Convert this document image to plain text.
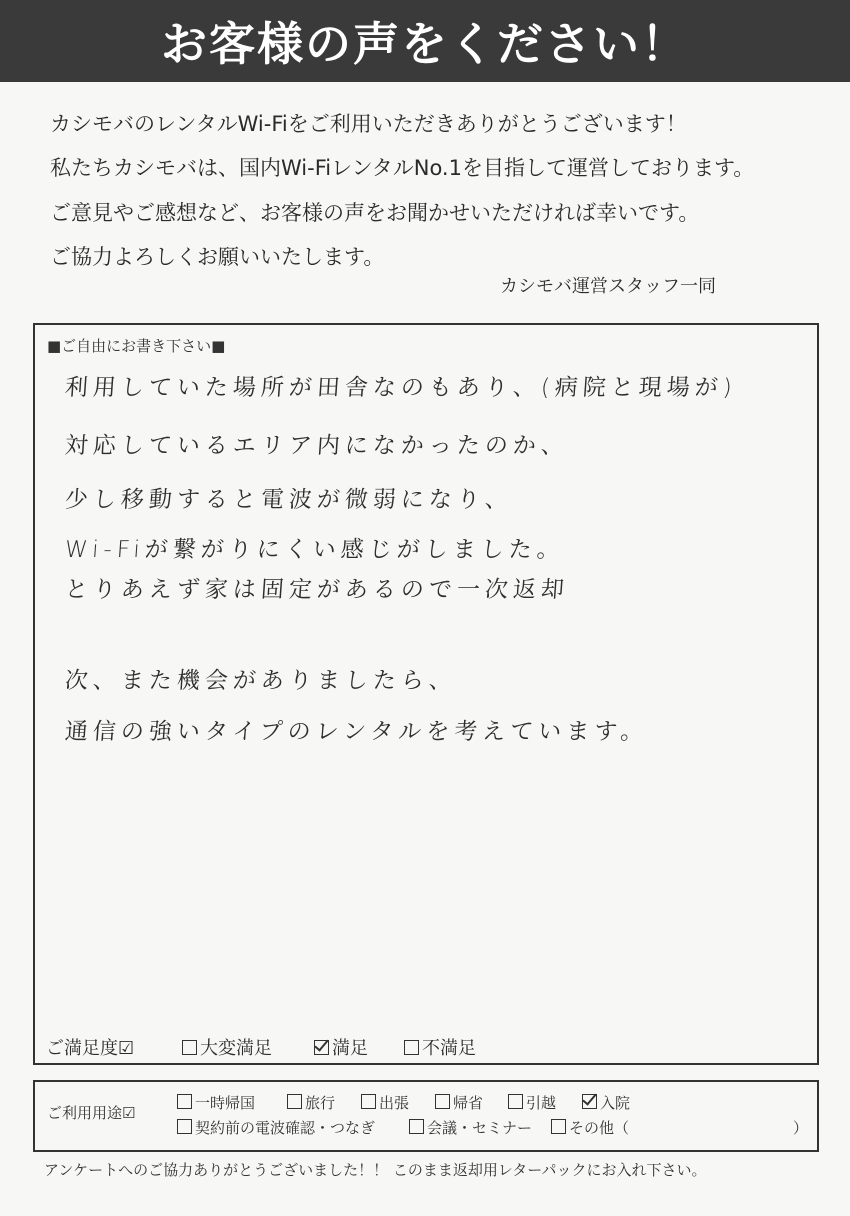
お客様の声をください！
カシモバのレンタルWi-Fiをご利用いただきありがとうございます！
私たちカシモバは、国内Wi-FiレンタルNo.1を目指して運営しております。
ご意見やご感想など、お客様の声をお聞かせいただければ幸いです。
ご協力よろしくお願いいたします。
カシモバ運営スタッフ一同
■ご自由にお書き下さい■
利用していた場所が田舎なのもあり、(病院と現場が)
対応しているエリア内になかったのか、
少し移動すると電波が微弱になり、
Wi-Fiが繋がりにくい感じがしました。
とりあえず家は固定があるので一次返却
次、また機会がありましたら、
通信の強いタイプのレンタルを考えています。
ご満足度☑	大変満足	満足	不満足
ご利用用途☑
一時帰国	旅行	出張	帰省	引越	入院
契約前の電波確認・つなぎ	会議・セミナー	その他（	）
アンケートへのご協力ありがとうございました！！ このまま返却用レターパックにお入れ下さい。
